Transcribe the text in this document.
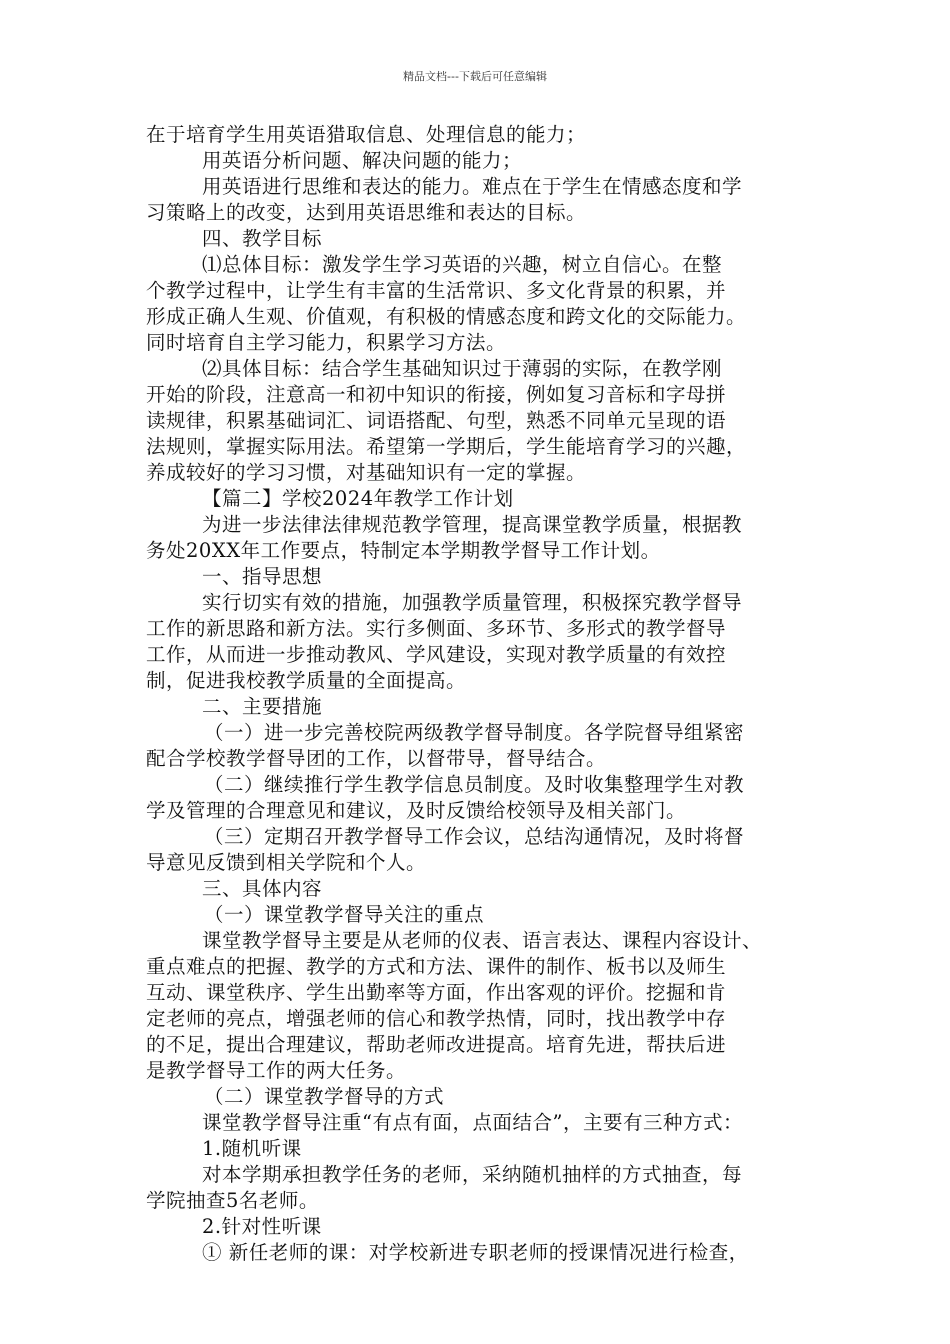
精品文档---下载后可任意编辑
在于培育学生用英语猎取信息、处理信息的能力；
用英语分析问题、解决问题的能力；
用英语进行思维和表达的能力。难点在于学生在情感态度和学
习策略上的改变，达到用英语思维和表达的目标。
四、教学目标
⑴总体目标：激发学生学习英语的兴趣，树立自信心。在整
个教学过程中，让学生有丰富的生活常识、多文化背景的积累，并
形成正确人生观、价值观，有积极的情感态度和跨文化的交际能力。
同时培育自主学习能力，积累学习方法。
⑵具体目标：结合学生基础知识过于薄弱的实际，在教学刚
开始的阶段，注意高一和初中知识的衔接，例如复习音标和字母拼
读规律，积累基础词汇、词语搭配、句型，熟悉不同单元呈现的语
法规则，掌握实际用法。希望第一学期后，学生能培育学习的兴趣，
养成较好的学习习惯，对基础知识有一定的掌握。
【篇二】学校2024年教学工作计划
为进一步法律法律规范教学管理，提高课堂教学质量，根据教
务处20XX年工作要点，特制定本学期教学督导工作计划。
一、指导思想
实行切实有效的措施，加强教学质量管理，积极探究教学督导
工作的新思路和新方法。实行多侧面、多环节、多形式的教学督导
工作，从而进一步推动教风、学风建设，实现对教学质量的有效控
制，促进我校教学质量的全面提高。
二、主要措施
（一）进一步完善校院两级教学督导制度。各学院督导组紧密
配合学校教学督导团的工作，以督带导，督导结合。
（二）继续推行学生教学信息员制度。及时收集整理学生对教
学及管理的合理意见和建议，及时反馈给校领导及相关部门。
（三）定期召开教学督导工作会议，总结沟通情况，及时将督
导意见反馈到相关学院和个人。
三、具体内容
（一）课堂教学督导关注的重点
课堂教学督导主要是从老师的仪表、语言表达、课程内容设计、
重点难点的把握、教学的方式和方法、课件的制作、板书以及师生
互动、课堂秩序、学生出勤率等方面，作出客观的评价。挖掘和肯
定老师的亮点，增强老师的信心和教学热情，同时，找出教学中存
的不足，提出合理建议，帮助老师改进提高。培育先进，帮扶后进
是教学督导工作的两大任务。
（二）课堂教学督导的方式
课堂教学督导注重“有点有面，点面结合”，主要有三种方式：
1.随机听课
对本学期承担教学任务的老师，采纳随机抽样的方式抽查，每
学院抽查5名老师。
2.针对性听课
① 新任老师的课：对学校新进专职老师的授课情况进行检查，
